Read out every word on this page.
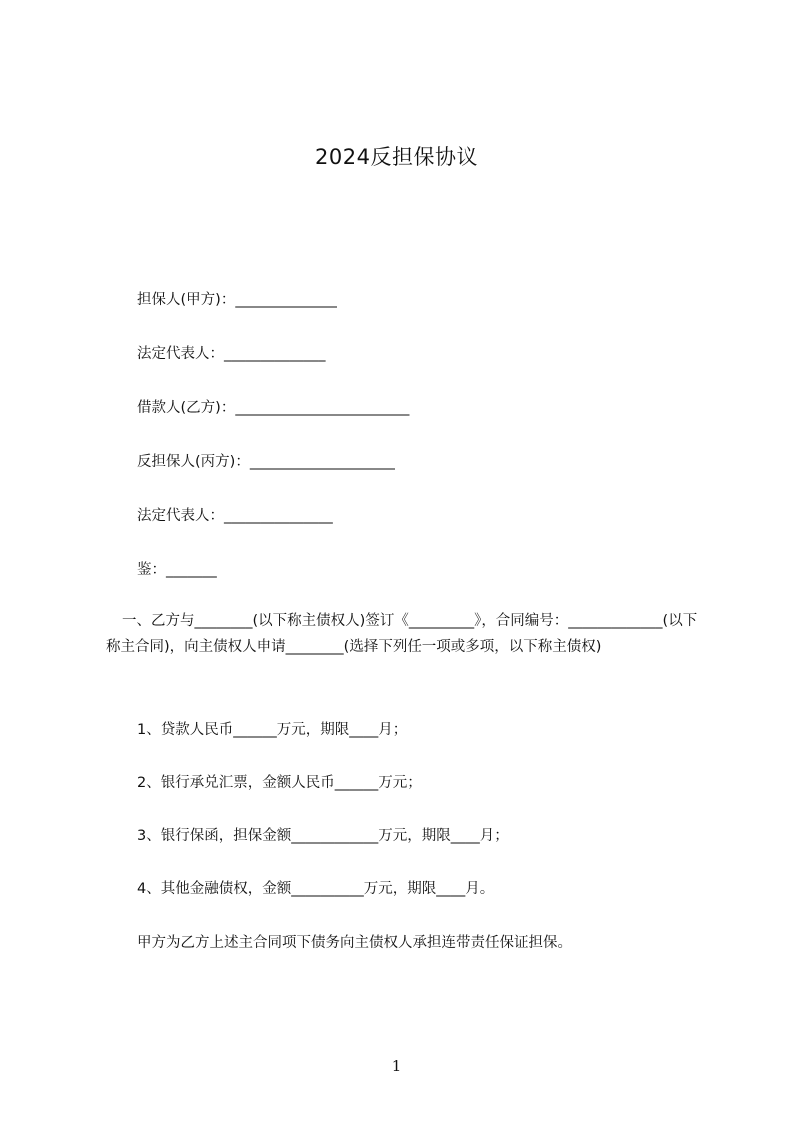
2024反担保协议
担保人(甲方)：______________
法定代表人：______________
借款人(乙方)：________________________
反担保人(丙方)：____________________
法定代表人：_______________
鉴：_______
一、乙方与________(以下称主债权人)签订《_________》，合同编号：_____________(以下称主合同)，向主债权人申请________(选择下列任一项或多项，以下称主债权)
1、贷款人民币______万元，期限____月；
2、银行承兑汇票，金额人民币______万元；
3、银行保函，担保金额____________万元，期限____月；
4、其他金融债权，金额__________万元，期限____月。
甲方为乙方上述主合同项下债务向主债权人承担连带责任保证担保。
1
